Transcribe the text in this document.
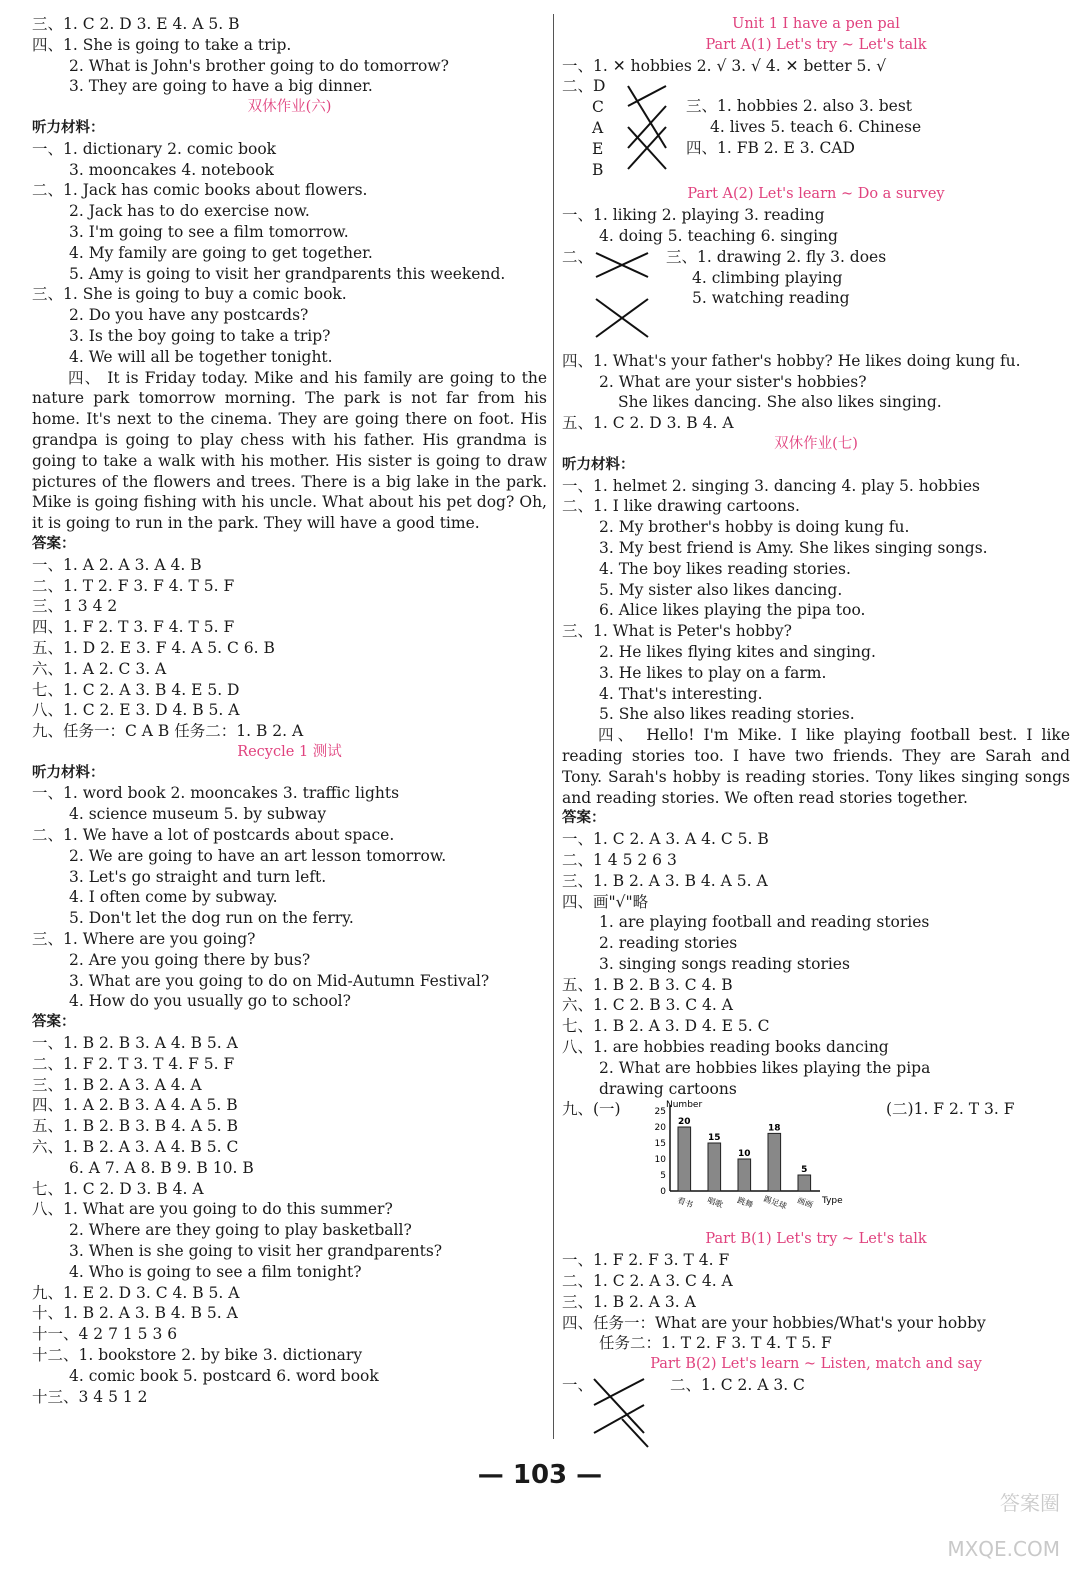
三、1. C 2. D 3. E 4. A 5. B
四、1. She is going to take a trip.
2. What is John's brother going to do tomorrow?
3. They are going to have a big dinner.
双休作业(六)
听力材料：
一、1. dictionary 2. comic book
3. mooncakes 4. notebook
二、1. Jack has comic books about flowers.
2. Jack has to do exercise now.
3. I'm going to see a film tomorrow.
4. My family are going to get together.
5. Amy is going to visit her grandparents this weekend.
三、1. She is going to buy a comic book.
2. Do you have any postcards?
3. Is the boy going to take a trip?
4. We will all be together tonight.
四、 It is Friday today. Mike and his family are going to the nature park tomorrow morning. The park is not far from his home. It's next to the cinema. They are going there on foot. His grandpa is going to play chess with his father. His grandma is going to take a walk with his mother. His sister is going to draw pictures of the flowers and trees. There is a big lake in the park. Mike is going fishing with his uncle. What about his pet dog? Oh, it is going to run in the park. They will have a good time.
答案：
一、1. A 2. A 3. A 4. B
二、1. T 2. F 3. F 4. T 5. F
三、1 3 4 2
四、1. F 2. T 3. F 4. T 5. F
五、1. D 2. E 3. F 4. A 5. C 6. B
六、1. A 2. C 3. A
七、1. C 2. A 3. B 4. E 5. D
八、1. C 2. E 3. D 4. B 5. A
九、任务一：C A B 任务二：1. B 2. A
Recycle 1 测试
听力材料：
一、1. word book 2. mooncakes 3. traffic lights
4. science museum 5. by subway
二、1. We have a lot of postcards about space.
2. We are going to have an art lesson tomorrow.
3. Let's go straight and turn left.
4. I often come by subway.
5. Don't let the dog run on the ferry.
三、1. Where are you going?
2. Are you going there by bus?
3. What are you going to do on Mid-Autumn Festival?
4. How do you usually go to school?
答案：
一、1. B 2. B 3. A 4. B 5. A
二、1. F 2. T 3. T 4. F 5. F
三、1. B 2. A 3. A 4. A
四、1. A 2. B 3. A 4. A 5. B
五、1. B 2. B 3. B 4. A 5. B
六、1. B 2. A 3. A 4. B 5. C
6. A 7. A 8. B 9. B 10. B
七、1. C 2. D 3. B 4. A
八、1. What are you going to do this summer?
2. Where are they going to play basketball?
3. When is she going to visit her grandparents?
4. Who is going to see a film tonight?
九、1. E 2. D 3. C 4. B 5. A
十、1. B 2. A 3. B 4. B 5. A
十一、4 2 7 1 5 3 6
十二、1. bookstore 2. by bike 3. dictionary
4. comic book 5. postcard 6. word book
十三、3 4 5 1 2
Unit 1 I have a pen pal
Part A(1) Let's try ~ Let's talk
一、1. ✕ hobbies 2. √ 3. √ 4. ✕ better 5. √
二、D
C
A
E
B
三、1. hobbies 2. also 3. best
4. lives 5. teach 6. Chinese
四、1. FB 2. E 3. CAD
Part A(2) Let's learn ~ Do a survey
一、1. liking 2. playing 3. reading
4. doing 5. teaching 6. singing
二、	三、1. drawing 2. fly 3. does
4. climbing playing
5. watching reading
四、1. What's your father's hobby? He likes doing kung fu.
2. What are your sister's hobbies?
She likes dancing. She also likes singing.
五、1. C 2. D 3. B 4. A
双休作业(七)
听力材料：
一、1. helmet 2. singing 3. dancing 4. play 5. hobbies
二、1. I like drawing cartoons.
2. My brother's hobby is doing kung fu.
3. My best friend is Amy. She likes singing songs.
4. The boy likes reading stories.
5. My sister also likes dancing.
6. Alice likes playing the pipa too.
三、1. What is Peter's hobby?
2. He likes flying kites and singing.
3. He likes to play on a farm.
4. That's interesting.
5. She also likes reading stories.
四、 Hello! I'm Mike. I like playing football best. I like reading stories too. I have two friends. They are Sarah and Tony. Sarah's hobby is reading stories. Tony likes singing songs and reading stories. We often read stories together.
答案：
一、1. C 2. A 3. A 4. C 5. B
二、1 4 5 2 6 3
三、1. B 2. A 3. B 4. A 5. A
四、画"√"略
1. are playing football and reading stories
2. reading stories
3. singing songs reading stories
五、1. B 2. B 3. C 4. B
六、1. C 2. B 3. C 4. A
七、1. B 2. A 3. D 4. E 5. C
八、1. are hobbies reading books dancing
2. What are hobbies likes playing the pipa
drawing cartoons
九、(一)	Number
Type
0
5
10
15
20
25
20
看书
15
唱歌
10
跳舞
18
踢足球
5
画画
(二)1. F 2. T 3. F
Part B(1) Let's try ~ Let's talk
一、1. F 2. F 3. T 4. F
二、1. C 2. A 3. C 4. A
三、1. B 2. A 3. A
四、任务一：What are your hobbies/What's your hobby
任务二：1. T 2. F 3. T 4. T 5. F
Part B(2) Let's learn ~ Listen, match and say
一、	二、1. C 2. A 3. C
— 103 —
答案圈 MXQE.COM
